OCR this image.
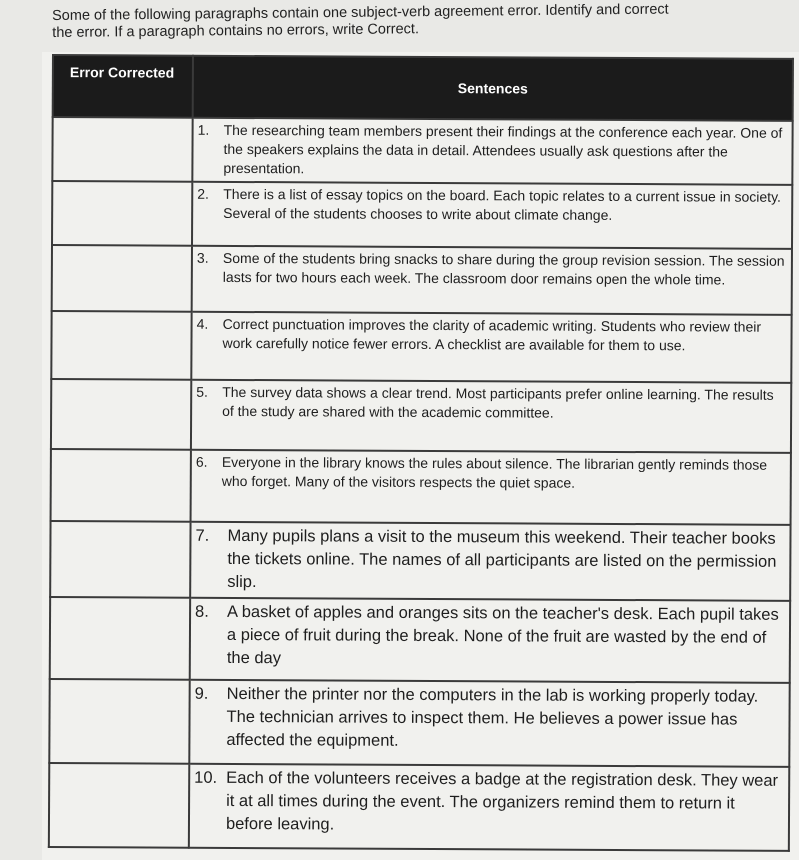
Some of the following paragraphs contain one subject-verb agreement error. Identify and correct the error. If a paragraph contains no errors, write Correct.
Error Corrected	Sentences

	1. The researching team members present their findings at the conference each year. One of the speakers explains the data in detail. Attendees usually ask questions after the presentation.

	2. There is a list of essay topics on the board. Each topic relates to a current issue in society. Several of the students chooses to write about climate change.

	3. Some of the students bring snacks to share during the group revision session. The session lasts for two hours each week. The classroom door remains open the whole time.

	4. Correct punctuation improves the clarity of academic writing. Students who review their work carefully notice fewer errors. A checklist are available for them to use.

	5. The survey data shows a clear trend. Most participants prefer online learning. The results of the study are shared with the academic committee.

	6. Everyone in the library knows the rules about silence. The librarian gently reminds those who forget. Many of the visitors respects the quiet space.

	7. Many pupils plans a visit to the museum this weekend. Their teacher books the tickets online. The names of all participants are listed on the permission slip.

	8. A basket of apples and oranges sits on the teacher's desk. Each pupil takes a piece of fruit during the break. None of the fruit are wasted by the end of the day

	9. Neither the printer nor the computers in the lab is working properly today. The technician arrives to inspect them. He believes a power issue has affected the equipment.

	10. Each of the volunteers receives a badge at the registration desk. They wear it at all times during the event. The organizers remind them to return it before leaving.
